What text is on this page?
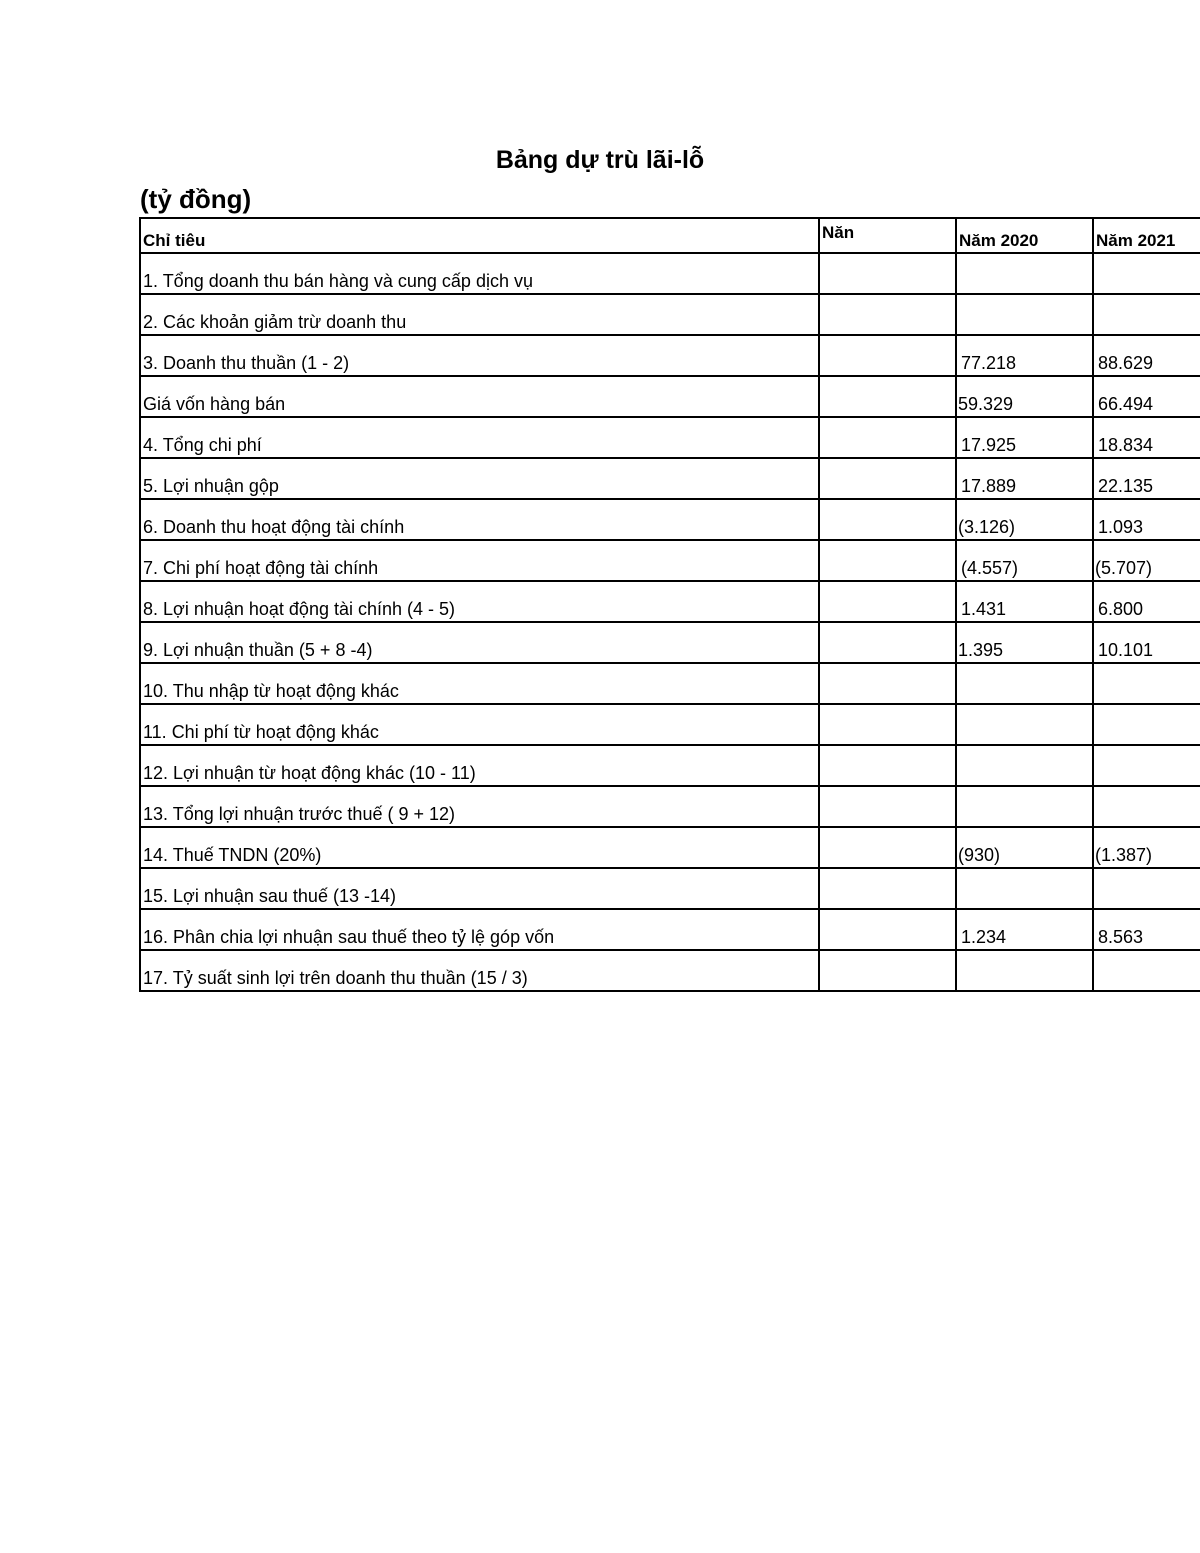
Bảng dự trù lãi-lỗ
(tỷ đồng)
Chỉ tiêu	Năn	Năm 2020	Năm 2021
1. Tổng doanh thu bán hàng và cung cấp dịch vụ			
2. Các khoản giảm trừ doanh thu			
3. Doanh thu thuần (1 - 2)		77.218	88.629
Giá vốn hàng bán		59.329	66.494
4. Tổng chi phí		17.925	18.834
5. Lợi nhuận gộp		17.889	22.135
6. Doanh thu hoạt động tài chính		(3.126)	1.093
7. Chi phí hoạt động tài chính		(4.557)	(5.707)
8. Lợi nhuận hoạt động tài chính (4 - 5)		1.431	6.800
9. Lợi nhuận thuần (5 + 8 -4)		1.395	10.101
10. Thu nhập từ hoạt động khác			
11. Chi phí từ hoạt động khác			
12. Lợi nhuận từ hoạt động khác (10 - 11)			
13. Tổng lợi nhuận trước thuế ( 9 + 12)			
14. Thuế TNDN (20%)		(930)	(1.387)
15. Lợi nhuận sau thuế (13 -14)			
16. Phân chia lợi nhuận sau thuế theo tỷ lệ góp vốn		1.234	8.563
17. Tỷ suất sinh lợi trên doanh thu thuần (15 / 3)			
